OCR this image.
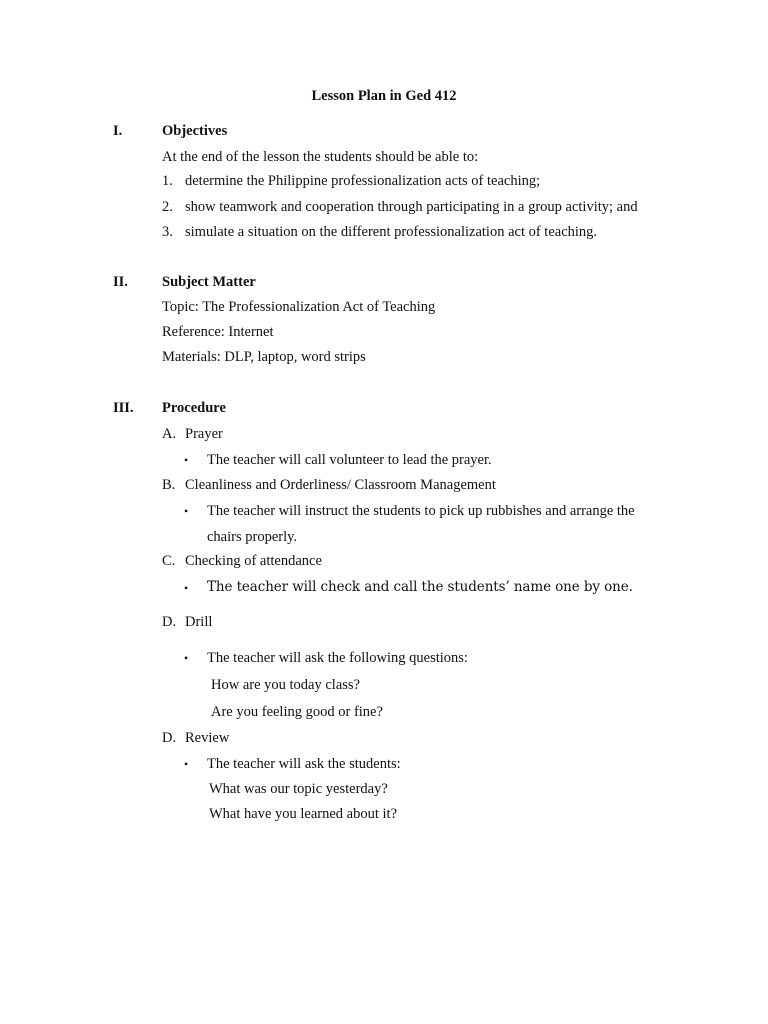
Lesson Plan in Ged 412
I.	Objectives
At the end of the lesson the students should be able to:
1. determine the Philippine professionalization acts of teaching;
2. show teamwork and cooperation through participating in a group activity; and
3. simulate a situation on the different professionalization act of teaching.
II. Subject Matter
Topic: The Professionalization Act of Teaching
Reference: Internet
Materials: DLP, laptop, word strips
III. Procedure
A. Prayer
• The teacher will call volunteer to lead the prayer.
B. Cleanliness and Orderliness/ Classroom Management
• The teacher will instruct the students to pick up rubbishes and arrange the
chairs properly.
C. Checking of attendance
• The teacher will check and call the students’ name one by one.
D. Drill
• The teacher will ask the following questions:
How are you today class?
Are you feeling good or fine?
D. Review
• The teacher will ask the students:
What was our topic yesterday?
What have you learned about it?
